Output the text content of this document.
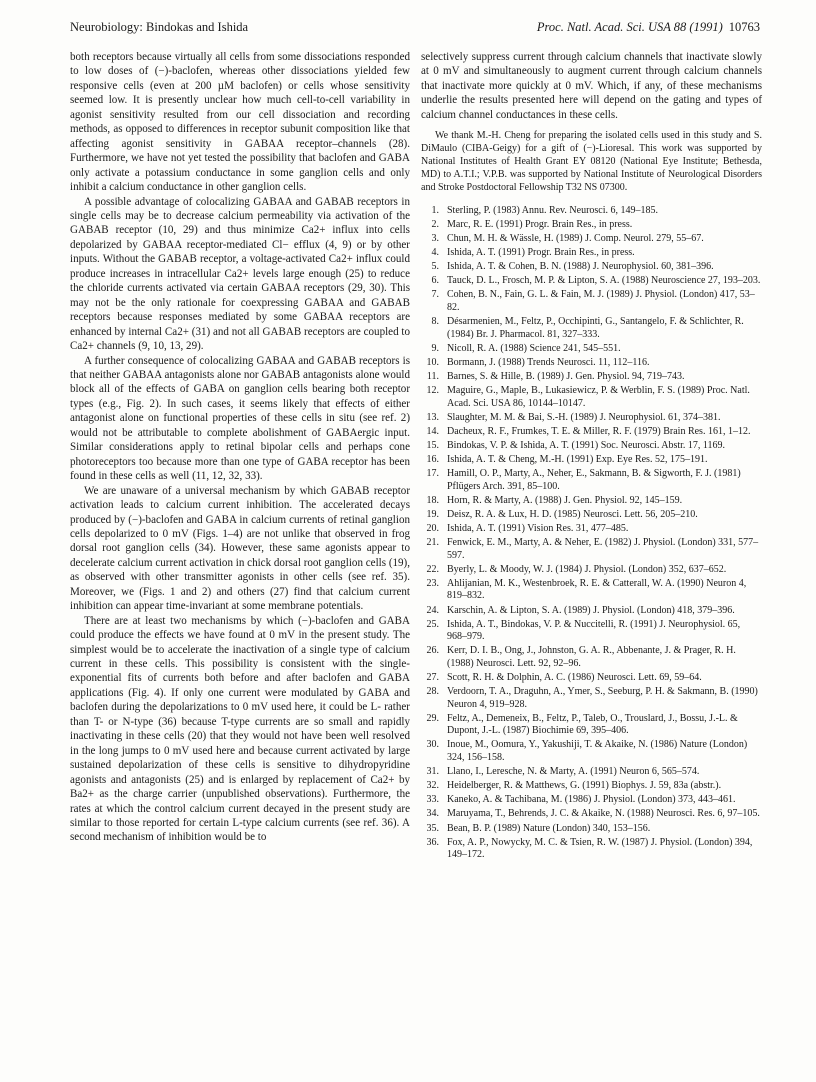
Neurobiology: Bindokas and Ishida	Proc. Natl. Acad. Sci. USA 88 (1991) 10763

both receptors because virtually all cells from some dissociations responded to low doses of (−)-baclofen, whereas other dissociations yielded few responsive cells (even at 200 µM baclofen) or cells whose sensitivity seemed low. It is presently unclear how much cell-to-cell variability in agonist sensitivity resulted from our cell dissociation and recording methods, as opposed to differences in receptor subunit composition like that affecting agonist sensitivity in GABAA receptor–channels (28). Furthermore, we have not yet tested the possibility that baclofen and GABA only activate a potassium conductance in some ganglion cells and only inhibit a calcium conductance in other ganglion cells.

A possible advantage of colocalizing GABAA and GABAB receptors in single cells may be to decrease calcium permeability via activation of the GABAB receptor (10, 29) and thus minimize Ca2+ influx into cells depolarized by GABAA receptor-mediated Cl− efflux (4, 9) or by other inputs. Without the GABAB receptor, a voltage-activated Ca2+ influx could produce increases in intracellular Ca2+ levels large enough (25) to reduce the chloride currents activated via certain GABAA receptors (29, 30). This may not be the only rationale for coexpressing GABAA and GABAB receptors because responses mediated by some GABAA receptors are enhanced by internal Ca2+ (31) and not all GABAB receptors are coupled to Ca2+ channels (9, 10, 13, 29).

A further consequence of colocalizing GABAA and GABAB receptors is that neither GABAA antagonists alone nor GABAB antagonists alone would block all of the effects of GABA on ganglion cells bearing both receptor types (e.g., Fig. 2). In such cases, it seems likely that effects of either antagonist alone on functional properties of these cells in situ (see ref. 2) would not be attributable to complete abolishment of GABAergic input. Similar considerations apply to retinal bipolar cells and perhaps cone photoreceptors too because more than one type of GABA receptor has been found in these cells as well (11, 12, 32, 33).

We are unaware of a universal mechanism by which GABAB receptor activation leads to calcium current inhibition. The accelerated decays produced by (−)-baclofen and GABA in calcium currents of retinal ganglion cells depolarized to 0 mV (Figs. 1–4) are not unlike that observed in frog dorsal root ganglion cells (34). However, these same agonists appear to decelerate calcium current activation in chick dorsal root ganglion cells (19), as observed with other transmitter agonists in other cells (see ref. 35). Moreover, we (Figs. 1 and 2) and others (27) find that calcium current inhibition can appear time-invariant at some membrane potentials.

There are at least two mechanisms by which (−)-baclofen and GABA could produce the effects we have found at 0 mV in the present study. The simplest would be to accelerate the inactivation of a single type of calcium current in these cells. This possibility is consistent with the single-exponential fits of currents both before and after baclofen and GABA applications (Fig. 4). If only one current were modulated by GABA and baclofen during the depolarizations to 0 mV used here, it could be L- rather than T- or N-type (36) because T-type currents are so small and rapidly inactivating in these cells (20) that they would not have been well resolved in the long jumps to 0 mV used here and because current activated by large sustained depolarization of these cells is sensitive to dihydropyridine agonists and antagonists (25) and is enlarged by replacement of Ca2+ by Ba2+ as the charge carrier (unpublished observations). Furthermore, the rates at which the control calcium current decayed in the present study are similar to those reported for certain L-type calcium currents (see ref. 36). A second mechanism of inhibition would be to

selectively suppress current through calcium channels that inactivate slowly at 0 mV and simultaneously to augment current through calcium channels that inactivate more quickly at 0 mV. Which, if any, of these mechanisms underlie the results presented here will depend on the gating and types of calcium channel conductances in these cells.

We thank M.-H. Cheng for preparing the isolated cells used in this study and S. DiMaulo (CIBA-Geigy) for a gift of (−)-Lioresal. This work was supported by National Institutes of Health Grant EY 08120 (National Eye Institute; Bethesda, MD) to A.T.I.; V.P.B. was supported by National Institute of Neurological Disorders and Stroke Postdoctoral Fellowship T32 NS 07300.

1. Sterling, P. (1983) Annu. Rev. Neurosci. 6, 149–185.
2. Marc, R. E. (1991) Progr. Brain Res., in press.
3. Chun, M. H. & Wässle, H. (1989) J. Comp. Neurol. 279, 55–67.
4. Ishida, A. T. (1991) Progr. Brain Res., in press.
5. Ishida, A. T. & Cohen, B. N. (1988) J. Neurophysiol. 60, 381–396.
6. Tauck, D. L., Frosch, M. P. & Lipton, S. A. (1988) Neuroscience 27, 193–203.
7. Cohen, B. N., Fain, G. L. & Fain, M. J. (1989) J. Physiol. (London) 417, 53–82.
8. Désarmenien, M., Feltz, P., Occhipinti, G., Santangelo, F. & Schlichter, R. (1984) Br. J. Pharmacol. 81, 327–333.
9. Nicoll, R. A. (1988) Science 241, 545–551.
10. Bormann, J. (1988) Trends Neurosci. 11, 112–116.
11. Barnes, S. & Hille, B. (1989) J. Gen. Physiol. 94, 719–743.
12. Maguire, G., Maple, B., Lukasiewicz, P. & Werblin, F. S. (1989) Proc. Natl. Acad. Sci. USA 86, 10144–10147.
13. Slaughter, M. M. & Bai, S.-H. (1989) J. Neurophysiol. 61, 374–381.
14. Dacheux, R. F., Frumkes, T. E. & Miller, R. F. (1979) Brain Res. 161, 1–12.
15. Bindokas, V. P. & Ishida, A. T. (1991) Soc. Neurosci. Abstr. 17, 1169.
16. Ishida, A. T. & Cheng, M.-H. (1991) Exp. Eye Res. 52, 175–191.
17. Hamill, O. P., Marty, A., Neher, E., Sakmann, B. & Sigworth, F. J. (1981) Pflügers Arch. 391, 85–100.
18. Horn, R. & Marty, A. (1988) J. Gen. Physiol. 92, 145–159.
19. Deisz, R. A. & Lux, H. D. (1985) Neurosci. Lett. 56, 205–210.
20. Ishida, A. T. (1991) Vision Res. 31, 477–485.
21. Fenwick, E. M., Marty, A. & Neher, E. (1982) J. Physiol. (London) 331, 577–597.
22. Byerly, L. & Moody, W. J. (1984) J. Physiol. (London) 352, 637–652.
23. Ahlijanian, M. K., Westenbroek, R. E. & Catterall, W. A. (1990) Neuron 4, 819–832.
24. Karschin, A. & Lipton, S. A. (1989) J. Physiol. (London) 418, 379–396.
25. Ishida, A. T., Bindokas, V. P. & Nuccitelli, R. (1991) J. Neurophysiol. 65, 968–979.
26. Kerr, D. I. B., Ong, J., Johnston, G. A. R., Abbenante, J. & Prager, R. H. (1988) Neurosci. Lett. 92, 92–96.
27. Scott, R. H. & Dolphin, A. C. (1986) Neurosci. Lett. 69, 59–64.
28. Verdoorn, T. A., Draguhn, A., Ymer, S., Seeburg, P. H. & Sakmann, B. (1990) Neuron 4, 919–928.
29. Feltz, A., Demeneix, B., Feltz, P., Taleb, O., Trouslard, J., Bossu, J.-L. & Dupont, J.-L. (1987) Biochimie 69, 395–406.
30. Inoue, M., Oomura, Y., Yakushiji, T. & Akaike, N. (1986) Nature (London) 324, 156–158.
31. Llano, I., Leresche, N. & Marty, A. (1991) Neuron 6, 565–574.
32. Heidelberger, R. & Matthews, G. (1991) Biophys. J. 59, 83a (abstr.).
33. Kaneko, A. & Tachibana, M. (1986) J. Physiol. (London) 373, 443–461.
34. Maruyama, T., Behrends, J. C. & Akaike, N. (1988) Neurosci. Res. 6, 97–105.
35. Bean, B. P. (1989) Nature (London) 340, 153–156.
36. Fox, A. P., Nowycky, M. C. & Tsien, R. W. (1987) J. Physiol. (London) 394, 149–172.
